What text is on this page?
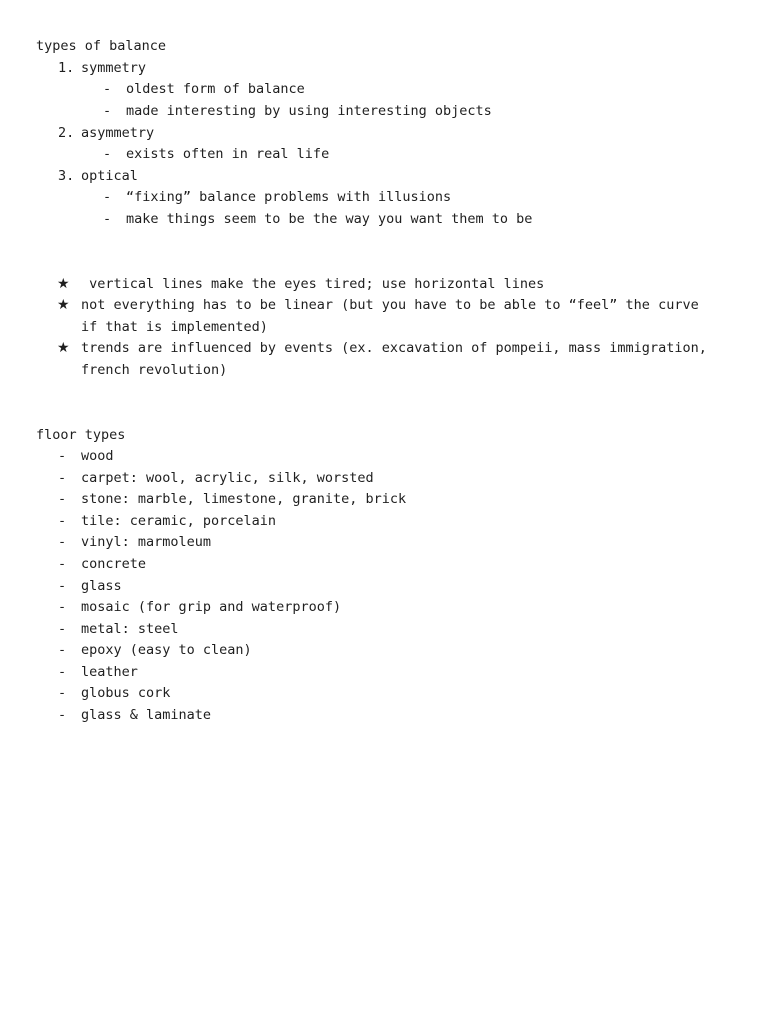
types of balance
1. symmetry
- oldest form of balance
- made interesting by using interesting objects
2. asymmetry
- exists often in real life
3. optical
- “fixing” balance problems with illusions
- make things seem to be the way you want them to be
★ vertical lines make the eyes tired; use horizontal lines
★ not everything has to be linear (but you have to be able to “feel” the curve
if that is implemented)
★ trends are influenced by events (ex. excavation of pompeii, mass immigration,
french revolution)
floor types
- wood
- carpet: wool, acrylic, silk, worsted
- stone: marble, limestone, granite, brick
- tile: ceramic, porcelain
- vinyl: marmoleum
- concrete
- glass
- mosaic (for grip and waterproof)
- metal: steel
- epoxy (easy to clean)
- leather
- globus cork
- glass & laminate
